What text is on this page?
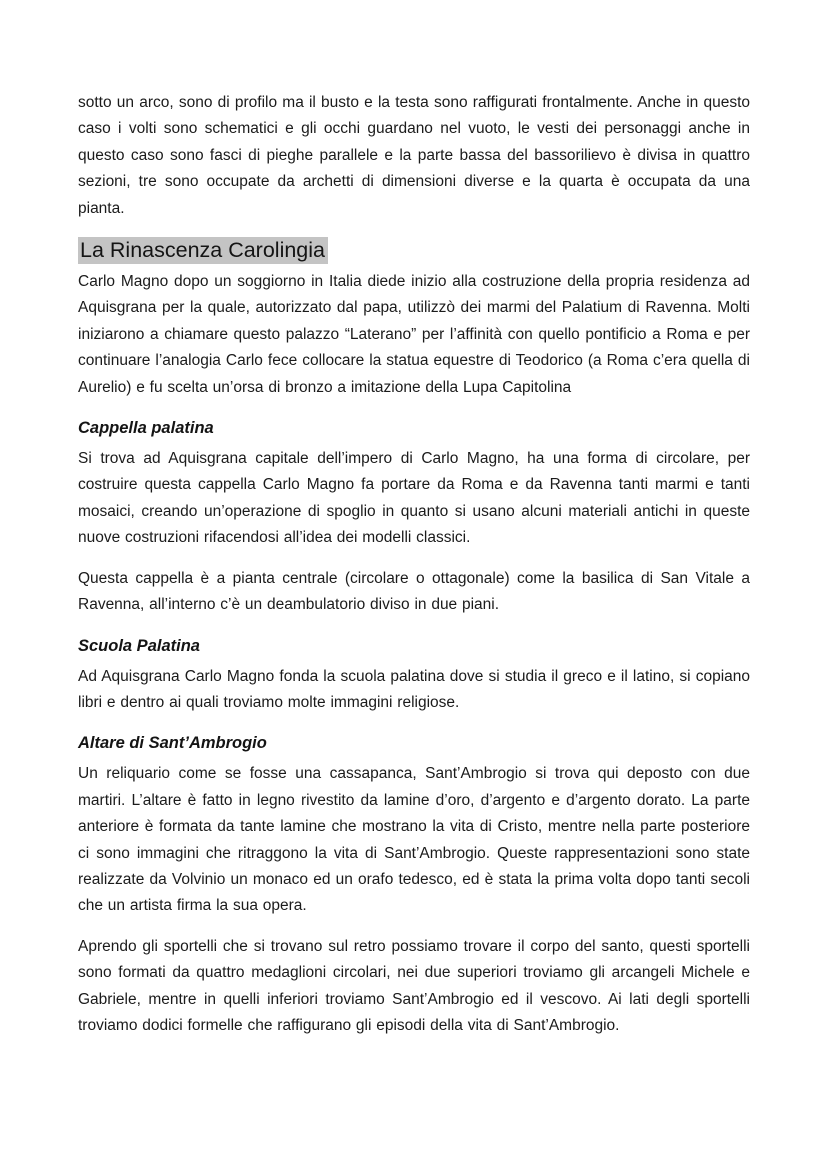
sotto un arco, sono di profilo ma il busto e la testa sono raffigurati frontalmente. Anche in questo caso i volti sono schematici e gli occhi guardano nel vuoto, le vesti dei personaggi anche in questo caso sono fasci di pieghe parallele e la parte bassa del bassorilievo è divisa in quattro sezioni, tre sono occupate da archetti di dimensioni diverse e la quarta è occupata da una pianta.

La Rinascenza Carolingia

Carlo Magno dopo un soggiorno in Italia diede inizio alla costruzione della propria residenza ad Aquisgrana per la quale, autorizzato dal papa, utilizzò dei marmi del Palatium di Ravenna. Molti iniziarono a chiamare questo palazzo “Laterano” per l’affinità con quello pontificio a Roma e per continuare l’analogia Carlo fece collocare la statua equestre di Teodorico (a Roma c’era quella di Aurelio) e fu scelta un’orsa di bronzo a imitazione della Lupa Capitolina

Cappella palatina

Si trova ad Aquisgrana capitale dell’impero di Carlo Magno, ha una forma di circolare, per costruire questa cappella Carlo Magno fa portare da Roma e da Ravenna tanti marmi e tanti mosaici, creando un’operazione di spoglio in quanto si usano alcuni materiali antichi in queste nuove costruzioni rifacendosi all’idea dei modelli classici.

Questa cappella è a pianta centrale (circolare o ottagonale) come la basilica di San Vitale a Ravenna, all’interno c’è un deambulatorio diviso in due piani.

Scuola Palatina

Ad Aquisgrana Carlo Magno fonda la scuola palatina dove si studia il greco e il latino, si copiano libri e dentro ai quali troviamo molte immagini religiose.

Altare di Sant’Ambrogio

Un reliquario come se fosse una cassapanca, Sant’Ambrogio si trova qui deposto con due martiri. L’altare è fatto in legno rivestito da lamine d’oro, d’argento e d’argento dorato. La parte anteriore è formata da tante lamine che mostrano la vita di Cristo, mentre nella parte posteriore ci sono immagini che ritraggono la vita di Sant’Ambrogio. Queste rappresentazioni sono state realizzate da Volvinio un monaco ed un orafo tedesco, ed è stata la prima volta dopo tanti secoli che un artista firma la sua opera.

Aprendo gli sportelli che si trovano sul retro possiamo trovare il corpo del santo, questi sportelli sono formati da quattro medaglioni circolari, nei due superiori troviamo gli arcangeli Michele e Gabriele, mentre in quelli inferiori troviamo Sant’Ambrogio ed il vescovo. Ai lati degli sportelli troviamo dodici formelle che raffigurano gli episodi della vita di Sant’Ambrogio.
